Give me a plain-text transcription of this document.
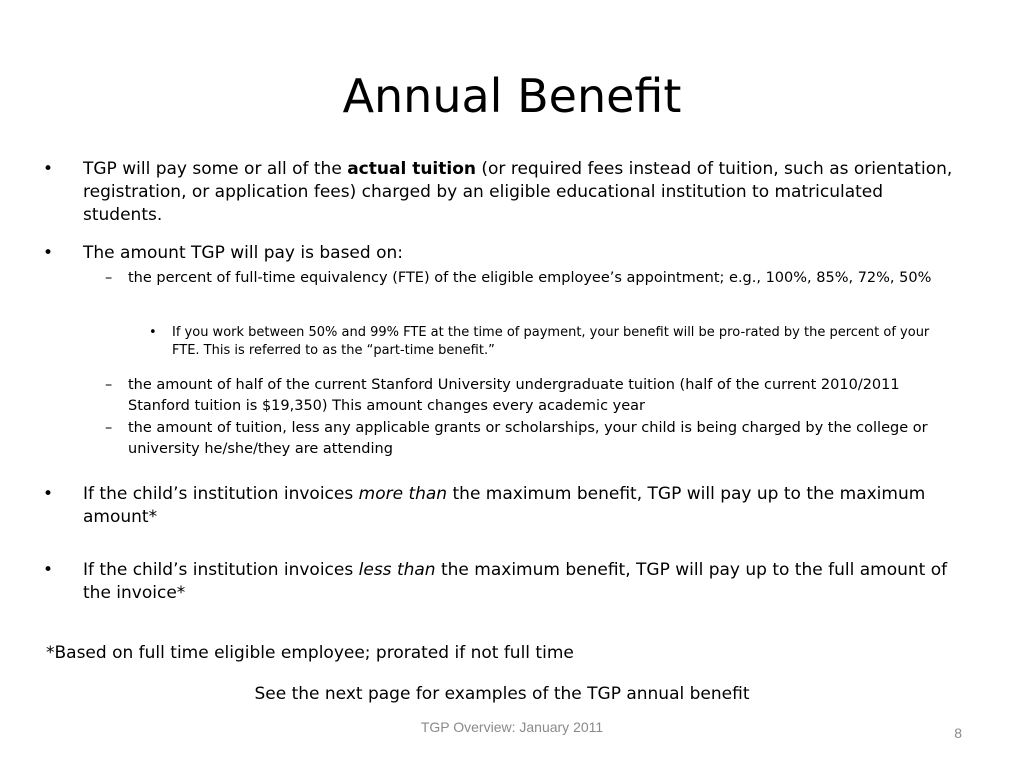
Annual Benefit

• TGP will pay some or all of the actual tuition (or required fees instead of tuition, such as orientation, registration, or application fees) charged by an eligible educational institution to matriculated students.

• The amount TGP will pay is based on:

– the percent of full-time equivalency (FTE) of the eligible employee’s appointment; e.g., 100%, 85%, 72%, 50%

• If you work between 50% and 99% FTE at the time of payment, your benefit will be pro-rated by the percent of your FTE. This is referred to as the “part-time benefit.”

– the amount of half of the current Stanford University undergraduate tuition (half of the current 2010/2011 Stanford tuition is $19,350) This amount changes every academic year

– the amount of tuition, less any applicable grants or scholarships, your child is being charged by the college or university he/she/they are attending

• If the child’s institution invoices more than the maximum benefit, TGP will pay up to the maximum amount*

• If the child’s institution invoices less than the maximum benefit, TGP will pay up to the full amount of the invoice*

*Based on full time eligible employee; prorated if not full time
See the next page for examples of the TGP annual benefit
TGP Overview: January 2011	8
